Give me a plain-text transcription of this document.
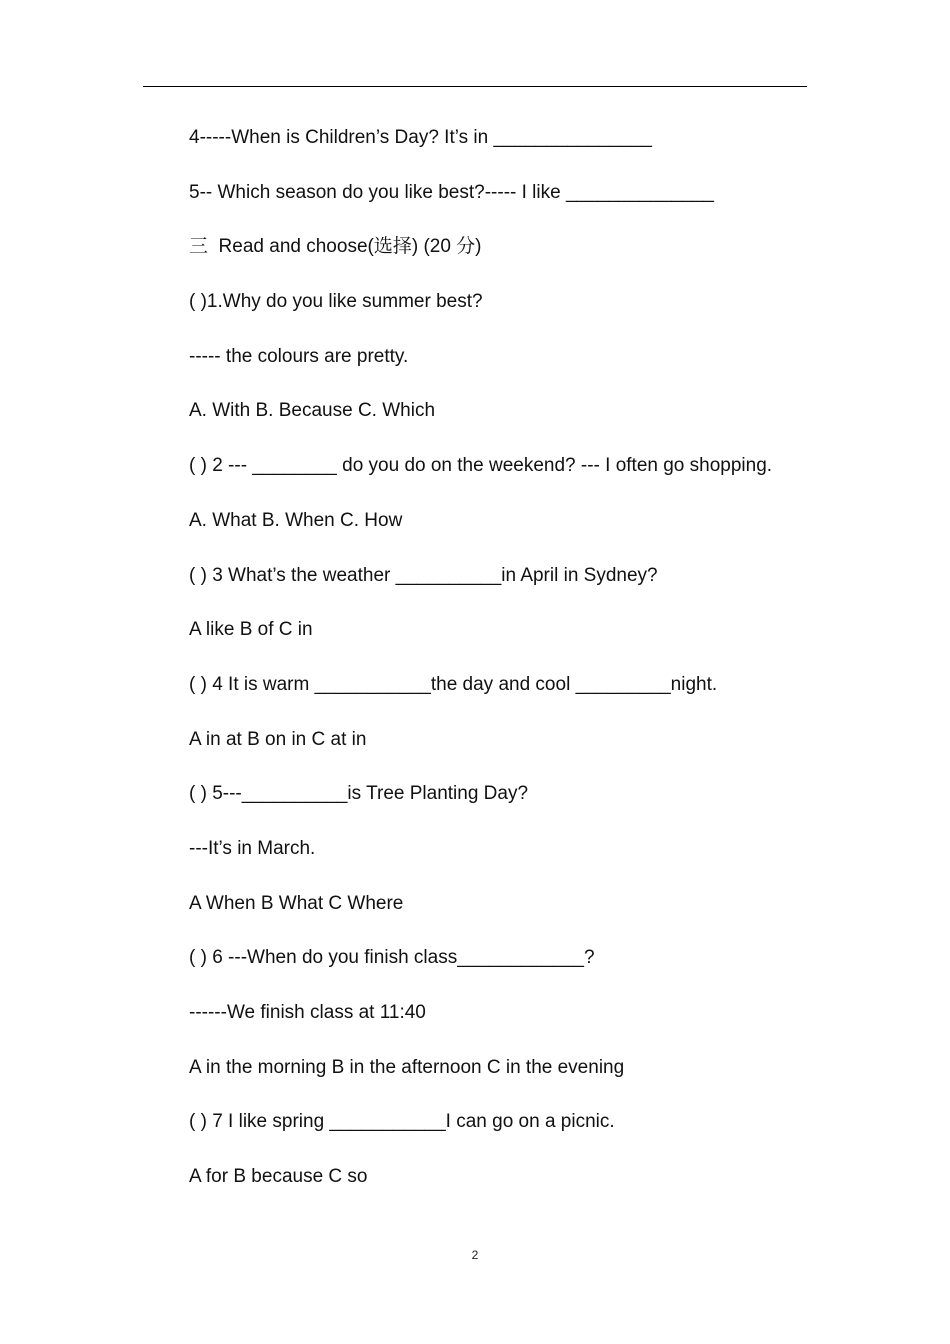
4-----When is Children’s Day? It’s in _______________
5-- Which season do you like best?----- I like ______________
三  Read and choose(选择) (20 分)
( )1.Why do you like summer best?
----- the colours are pretty.
A. With B. Because C. Which
( ) 2 --- ________ do you do on the weekend? --- I often go shopping.
A. What B. When C. How
( ) 3 What’s the weather __________in April in Sydney?
A like B of C in
( ) 4 It is warm ___________the day and cool _________night.
A in at B on in C at in
( ) 5---__________is Tree Planting Day?
---It’s in March.
A When B What C Where
( ) 6 ---When do you finish class____________?
------We finish class at 11:40
A in the morning B in the afternoon C in the evening
( ) 7 I like spring ___________I can go on a picnic.
A for B because C so
2
